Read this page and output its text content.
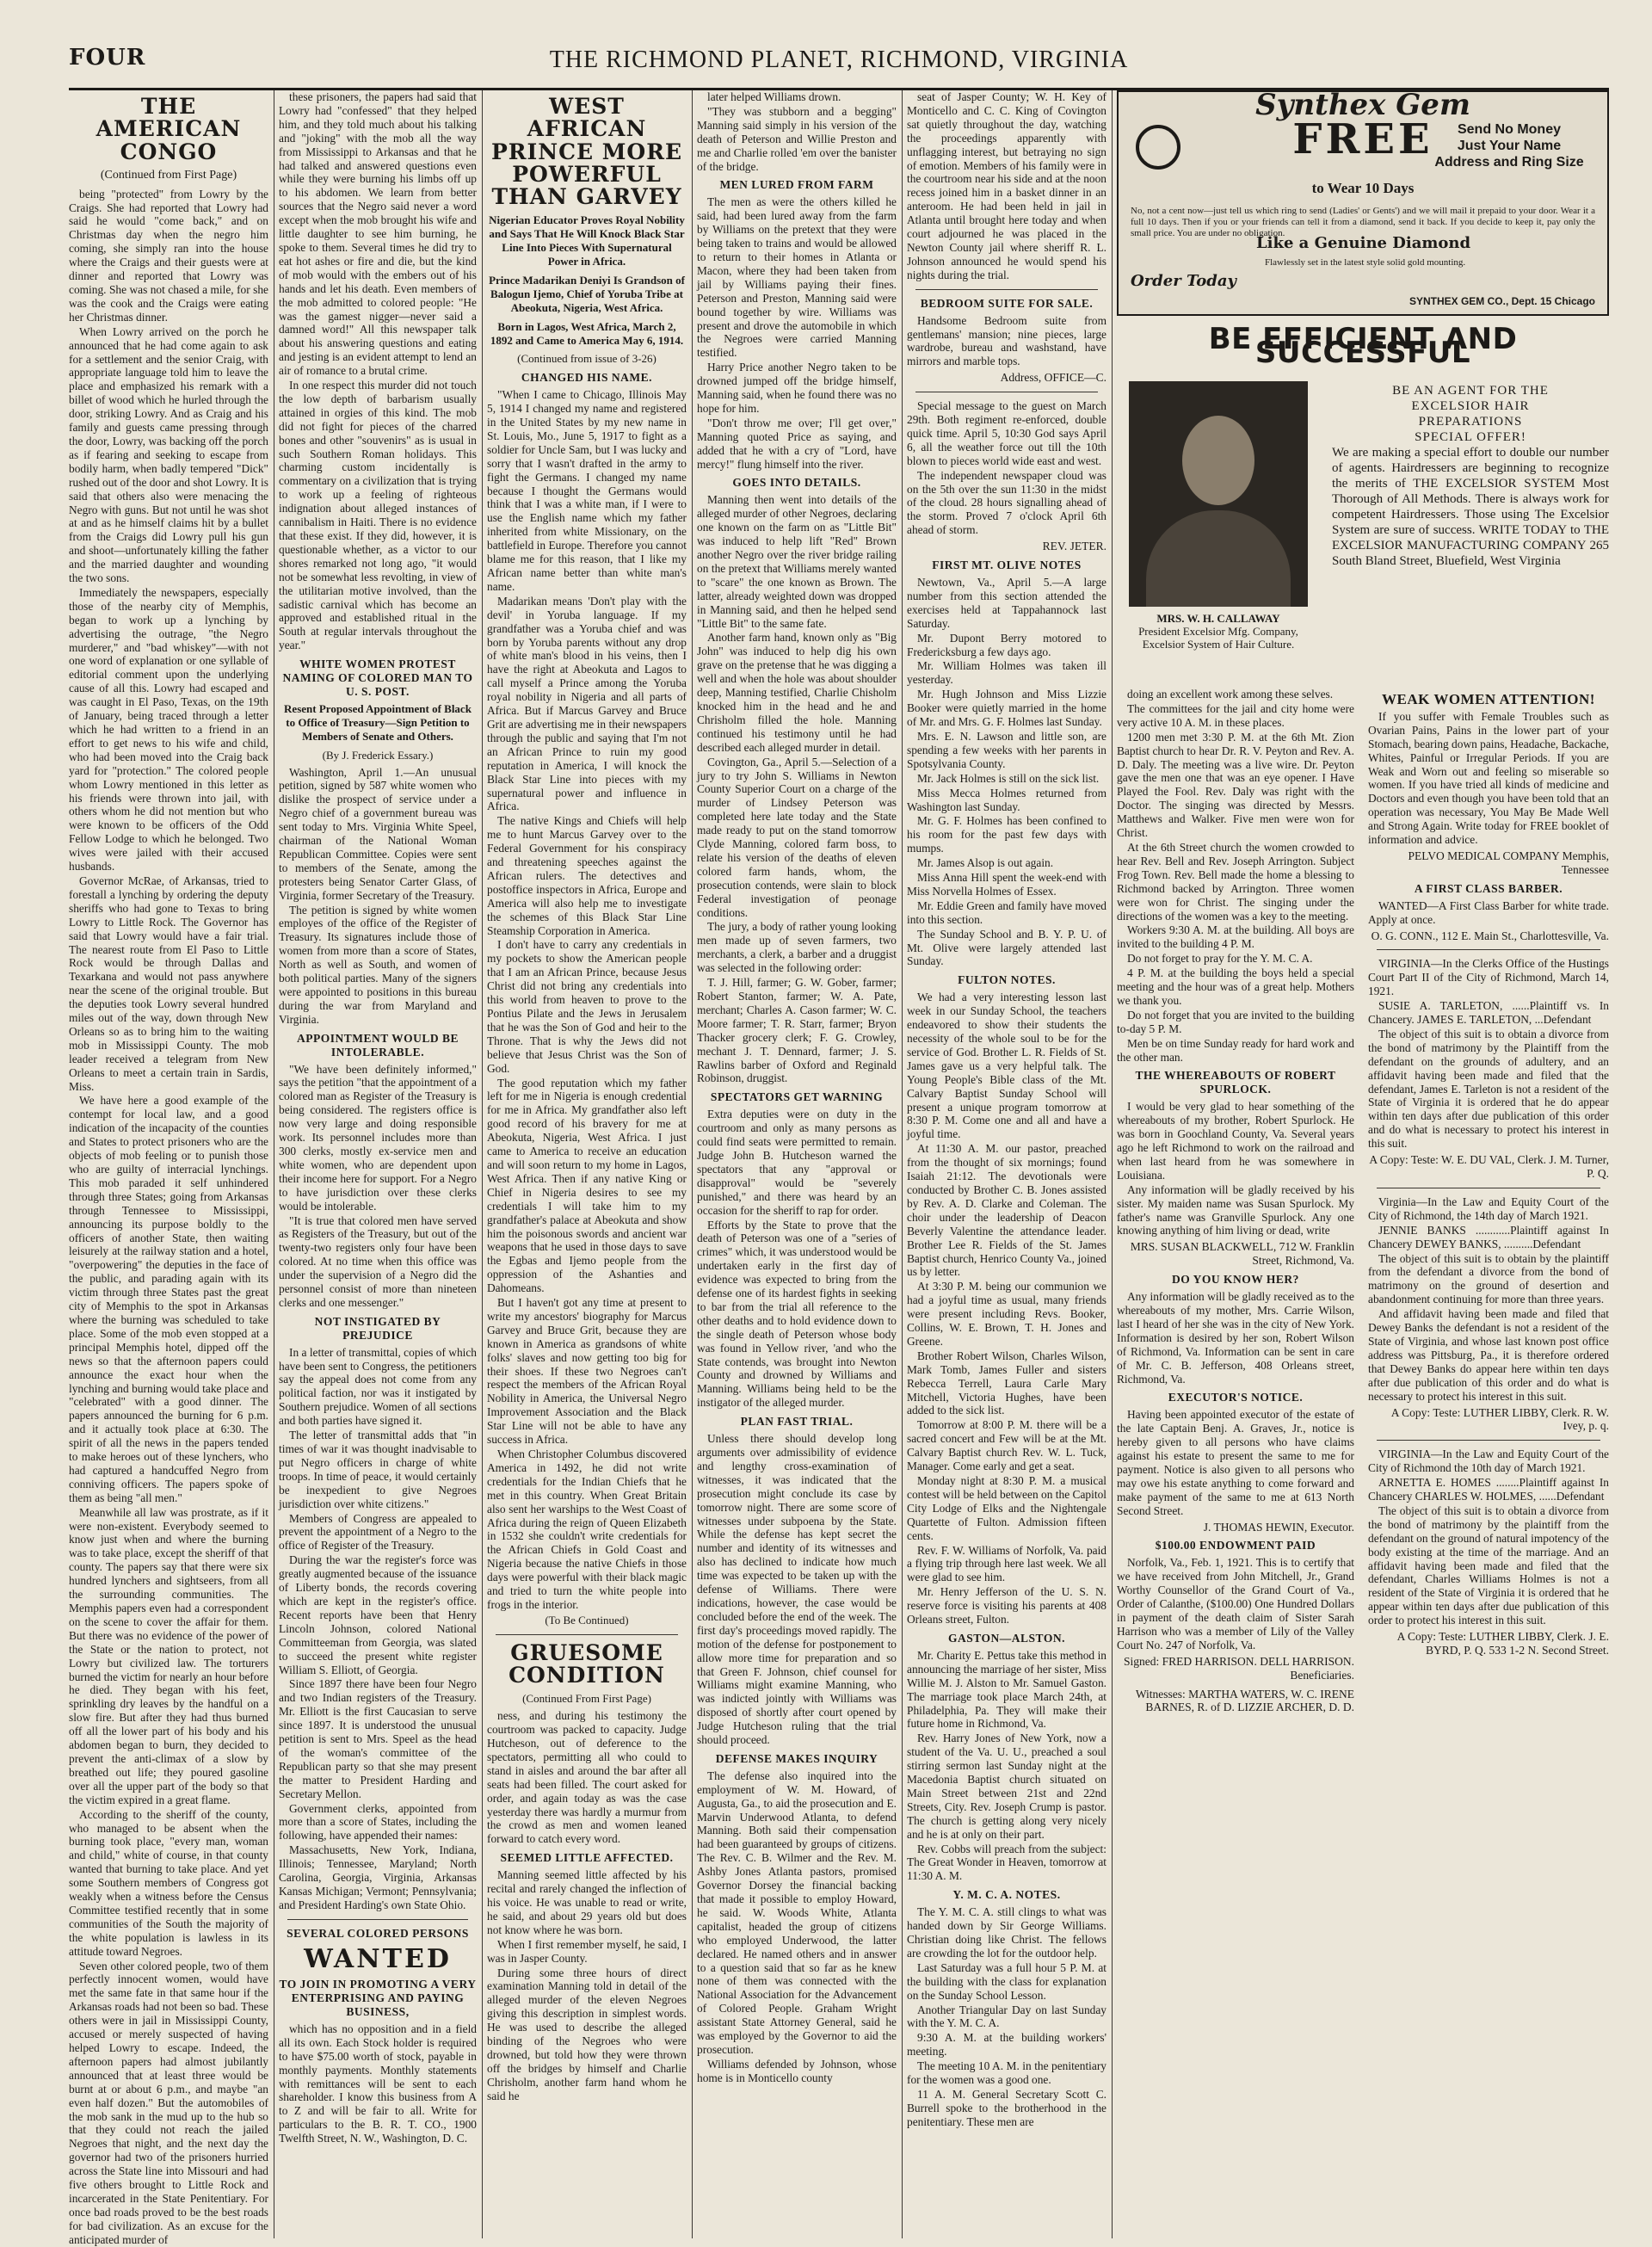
FOUR	THE RICHMOND PLANET, RICHMOND, VIRGINIA
THE AMERICAN CONGO
(Continued from First Page)

being "protected" from Lowry by the Craigs. She had reported that Lowry had said he would "come back," and on Christmas day when the negro him coming, she simply ran into the house where the Craigs and their guests were at dinner and reported that Lowry was coming. She was not chased a mile, for she was the cook and the Craigs were eating her Christmas dinner.

When Lowry arrived on the porch he announced that he had come again to ask for a settlement and the senior Craig, with appropriate language told him to leave the place and emphasized his remark with a billet of wood which he hurled through the door, striking Lowry. And as Craig and his family and guests came pressing through the door, Lowry, was backing off the porch as if fearing and seeking to escape from bodily harm, when badly tempered "Dick" rushed out of the door and shot Lowry. It is said that others also were menacing the Negro with guns. But not until he was shot at and as he himself claims hit by a bullet from the Craigs did Lowry pull his gun and shoot—unfortunately killing the father and the married daughter and wounding the two sons.

Immediately the newspapers, especially those of the nearby city of Memphis, began to work up a lynching by advertising the outrage, "the Negro murderer," and "bad whiskey"—with not one word of explanation or one syllable of editorial comment upon the underlying cause of all this. Lowry had escaped and was caught in El Paso, Texas, on the 19th of January, being traced through a letter which he had written to a friend in an effort to get news to his wife and child, who had been moved into the Craig back yard for "protection." The colored people whom Lowry mentioned in this letter as his friends were thrown into jail, with others whom he did not mention but who were known to be officers of the Odd Fellow Lodge to which he belonged. Two wives were jailed with their accused husbands.

Governor McRae, of Arkansas, tried to forestall a lynching by ordering the deputy sheriffs who had gone to Texas to bring Lowry to Little Rock. The Governor has said that Lowry would have a fair trial. The nearest route from El Paso to Little Rock would be through Dallas and Texarkana and would not pass anywhere near the scene of the original trouble. But the deputies took Lowry several hundred miles out of the way, down through New Orleans so as to bring him to the waiting mob in Mississippi County. The mob leader received a telegram from New Orleans to meet a certain train in Sardis, Miss.

We have here a good example of the contempt for local law, and a good indication of the incapacity of the counties and States to protect prisoners who are the objects of mob feeling or to punish those who are guilty of interracial lynchings. This mob paraded it self unhindered through three States; going from Arkansas through Tennessee to Mississippi, announcing its purpose boldly to the officers of another State, then waiting leisurely at the railway station and a hotel, "overpowering" the deputies in the face of the public, and parading again with its victim through three States past the great city of Memphis to the spot in Arkansas where the burning was scheduled to take place. Some of the mob even stopped at a principal Memphis hotel, dipped off the news so that the afternoon papers could announce the exact hour when the lynching and burning would take place and "celebrated" with a good dinner. The papers announced the burning for 6 p.m. and it actually took place at 6:30. The spirit of all the news in the papers tended to make heroes out of these lynchers, who had captured a handcuffed Negro from conniving officers. The papers spoke of them as being "all men."

Meanwhile all law was prostrate, as if it were non-existent. Everybody seemed to know just when and where the burning was to take place, except the sheriff of that county. The papers say that there were six hundred lynchers and sightseers, from all the surrounding communities. The Memphis papers even had a correspondent on the scene to cover the affair for them. But there was no evidence of the power of the State or the nation to protect, not Lowry but civilized law. The torturers burned the victim for nearly an hour before he died. They began with his feet, sprinkling dry leaves by the handful on a slow fire. But after they had thus burned off all the lower part of his body and his abdomen began to burn, they decided to prevent the anti-climax of a slow by breathed out life; they poured gasoline over all the upper part of the body so that the victim expired in a great flame.

According to the sheriff of the county, who managed to be absent when the burning took place, "every man, woman and child," white of course, in that county wanted that burning to take place. And yet some Southern members of Congress got weakly when a witness before the Census Committee testified recently that in some communities of the South the majority of the white population is lawless in its attitude toward Negroes.

Seven other colored people, two of them perfectly innocent women, would have met the same fate in that same hour if the Arkansas roads had not been so bad. These others were in jail in Mississippi County, accused or merely suspected of having helped Lowry to escape. Indeed, the afternoon papers had almost jubilantly announced that at least three would be burnt at or about 6 p.m., and maybe "an even half dozen." But the automobiles of the mob sank in the mud up to the hub so that they could not reach the jailed Negroes that night, and the next day the governor had two of the prisoners hurried across the State line into Missouri and had five others brought to Little Rock and incarcerated in the State Penitentiary. For once bad roads proved to be the best roads for bad civilization. As an excuse for the anticipated murder of

these prisoners, the papers had said that Lowry had "confessed" that they helped him, and they told much about his talking and "joking" with the mob all the way from Mississippi to Arkansas and that he had talked and answered questions even while they were burning his limbs off up to his abdomen. We learn from better sources that the Negro said never a word except when the mob brought his wife and little daughter to see him burning, he spoke to them. Several times he did try to eat hot ashes or fire and die, but the kind of mob would with the embers out of his hands and let his death. Even members of the mob admitted to colored people: "He was the gamest nigger—never said a damned word!" All this newspaper talk about his answering questions and eating and jesting is an evident attempt to lend an air of romance to a brutal crime.

In one respect this murder did not touch the low depth of barbarism usually attained in orgies of this kind. The mob did not fight for pieces of the charred bones and other "souvenirs" as is usual in such Southern Roman holidays. This charming custom incidentally is commentary on a civilization that is trying to work up a feeling of righteous indignation about alleged instances of cannibalism in Haiti. There is no evidence that these exist. If they did, however, it is questionable whether, as a victor to our shores remarked not long ago, "it would not be somewhat less revolting, in view of the utilitarian motive involved, than the sadistic carnival which has become an approved and established ritual in the South at regular intervals throughout the year."

WHITE WOMEN PROTEST NAMING OF COLORED MAN TO U. S. POST.
Resent Proposed Appointment of Black to Office of Treasury—Sign Petition to Members of Senate and Others.
(By J. Frederick Essary.)

Washington, April 1.—An unusual petition, signed by 587 white women who dislike the prospect of service under a Negro chief of a government bureau was sent today to Mrs. Virginia White Speel, chairman of the National Woman Republican Committee. Copies were sent to members of the Senate, among the protesters being Senator Carter Glass, of Virginia, former Secretary of the Treasury.

The petition is signed by white women employes of the office of the Register of Treasury. Its signatures include those of women from more than a score of States, North as well as South, and women of both political parties. Many of the signers were appointed to positions in this bureau during the war from Maryland and Virginia.

APPOINTMENT WOULD BE INTOLERABLE.

"We have been definitely informed," says the petition "that the appointment of a colored man as Register of the Treasury is being considered. The registers office is now very large and doing responsible work. Its personnel includes more than 300 clerks, mostly ex-service men and white women, who are dependent upon their income here for support. For a Negro to have jurisdiction over these clerks would be intolerable.

"It is true that colored men have served as Registers of the Treasury, but out of the twenty-two registers only four have been colored. At no time when this office was under the supervision of a Negro did the personnel consist of more than nineteen clerks and one messenger."

NOT INSTIGATED BY PREJUDICE

In a letter of transmittal, copies of which have been sent to Congress, the petitioners say the appeal does not come from any political faction, nor was it instigated by Southern prejudice. Women of all sections and both parties have signed it.

The letter of transmittal adds that "in times of war it was thought inadvisable to put Negro officers in charge of white troops. In time of peace, it would certainly be inexpedient to give Negroes jurisdiction over white citizens."

Members of Congress are appealed to prevent the appointment of a Negro to the office of Register of the Treasury.

During the war the register's force was greatly augmented because of the issuance of Liberty bonds, the records covering which are kept in the register's office. Recent reports have been that Henry Lincoln Johnson, colored National Committeeman from Georgia, was slated to succeed the present white register William S. Elliott, of Georgia.

Since 1897 there have been four Negro and two Indian registers of the Treasury. Mr. Elliott is the first Caucasian to serve since 1897. It is understood the unusual petition is sent to Mrs. Speel as the head of the woman's committee of the Republican party so that she may present the matter to President Harding and Secretary Mellon.

Government clerks, appointed from more than a score of States, including the following, have appended their names:

Massachusetts, New York, Indiana, Illinois; Tennessee, Maryland; North Carolina, Georgia, Virginia, Arkansas Kansas Michigan; Vermont; Pennsylvania; and President Harding's own State Ohio.

SEVERAL COLORED PERSONS
WANTED
TO JOIN IN PROMOTING A VERY ENTERPRISING AND PAYING BUSINESS,

which has no opposition and in a field all its own. Each Stock holder is required to have $75.00 worth of stock, payable in monthly payments. Monthly statements with remittances will be sent to each shareholder. I know this business from A to Z and will be fair to all. Write for particulars to the B. R. T. CO., 1900 Twelfth Street, N. W., Washington, D. C.

WEST AFRICAN PRINCE MORE POWERFUL THAN GARVEY
Nigerian Educator Proves Royal Nobility and Says That He Will Knock Black Star Line Into Pieces With Supernatural Power in Africa.
Prince Madarikan Deniyi Is Grandson of Balogun Ijemo, Chief of Yoruba Tribe at Abeokuta, Nigeria, West Africa.
Born in Lagos, West Africa, March 2, 1892 and Came to America May 6, 1914.
(Continued from issue of 3-26)
CHANGED HIS NAME.

"When I came to Chicago, Illinois May 5, 1914 I changed my name and registered in the United States by my new name in St. Louis, Mo., June 5, 1917 to fight as a soldier for Uncle Sam, but I was lucky and sorry that I wasn't drafted in the army to fight the Germans. I changed my name because I thought the Germans would think that I was a white man, if I were to use the English name which my father inherited from white Missionary, on the battlefield in Europe. Therefore you cannot blame me for this reason, that I like my African name better than white man's name.

Madarikan means 'Don't play with the devil' in Yoruba language. If my grandfather was a Yoruba chief and was born by Yoruba parents without any drop of white man's blood in his veins, then I have the right at Abeokuta and Lagos to call myself a Prince among the Yoruba royal nobility in Nigeria and all parts of Africa. But if Marcus Garvey and Bruce Grit are advertising me in their newspapers through the public and saying that I'm not an African Prince to ruin my good reputation in America, I will knock the Black Star Line into pieces with my supernatural power and influence in Africa.

The native Kings and Chiefs will help me to hunt Marcus Garvey over to the Federal Government for his conspiracy and threatening speeches against the African rulers. The detectives and postoffice inspectors in Africa, Europe and America will also help me to investigate the schemes of this Black Star Line Steamship Corporation in America.

I don't have to carry any credentials in my pockets to show the American people that I am an African Prince, because Jesus Christ did not bring any credentials into this world from heaven to prove to the Pontius Pilate and the Jews in Jerusalem that he was the Son of God and heir to the Throne. That is why the Jews did not believe that Jesus Christ was the Son of God.

The good reputation which my father left for me in Nigeria is enough credential for me in Africa. My grandfather also left good record of his bravery for me at Abeokuta, Nigeria, West Africa. I just came to America to receive an education and will soon return to my home in Lagos, West Africa. Then if any native King or Chief in Nigeria desires to see my credentials I will take him to my grandfather's palace at Abeokuta and show him the poisonous swords and ancient war weapons that he used in those days to save the Egbas and Ijemo people from the oppression of the Ashanties and Dahomeans.

But I haven't got any time at present to write my ancestors' biography for Marcus Garvey and Bruce Grit, because they are known in America as grandsons of white folks' slaves and now getting too big for their shoes. If these two Negroes can't respect the members of the African Royal Nobility in America, the Universal Negro Improvement Association and the Black Star Line will not be able to have any success in Africa.

When Christopher Columbus discovered America in 1492, he did not write credentials for the Indian Chiefs that he met in this country. When Great Britain also sent her warships to the West Coast of Africa during the reign of Queen Elizabeth in 1532 she couldn't write credentials for the African Chiefs in Gold Coast and Nigeria because the native Chiefs in those days were powerful with their black magic and tried to turn the white people into frogs in the interior.

(To Be Continued)
GRUESOME CONDITION
(Continued From First Page)

ness, and during his testimony the courtroom was packed to capacity. Judge Hutcheson, out of deference to the spectators, permitting all who could to stand in aisles and around the bar after all seats had been filled. The court asked for order, and again today as was the case yesterday there was hardly a murmur from the crowd as men and women leaned forward to catch every word.

SEEMED LITTLE AFFECTED.

Manning seemed little affected by his recital and rarely changed the inflection of his voice. He was unable to read or write, he said, and about 29 years old but does not know where he was born.

When I first remember myself, he said, I was in Jasper County.

During some three hours of direct examination Manning told in detail of the alleged murder of the eleven Negroes giving this description in simplest words. He was used to describe the alleged binding of the Negroes who were drowned, but told how they were thrown off the bridges by himself and Charlie Chrisholm, another farm hand whom he said he

later helped Williams drown.

"They was stubborn and a begging" Manning said simply in his version of the death of Peterson and Willie Preston and me and Charlie rolled 'em over the banister of the bridge.

MEN LURED FROM FARM

The men as were the others killed he said, had been lured away from the farm by Williams on the pretext that they were being taken to trains and would be allowed to return to their homes in Atlanta or Macon, where they had been taken from jail by Williams paying their fines. Peterson and Preston, Manning said were bound together by wire. Williams was present and drove the automobile in which the Negroes were carried Manning testified.

Harry Price another Negro taken to be drowned jumped off the bridge himself, Manning said, when he found there was no hope for him.

"Don't throw me over; I'll get over," Manning quoted Price as saying, and added that he with a cry of "Lord, have mercy!" flung himself into the river.

GOES INTO DETAILS.

Manning then went into details of the alleged murder of other Negroes, declaring one known on the farm on as "Little Bit" was induced to help lift "Red" Brown another Negro over the river bridge railing on the pretext that Williams merely wanted to "scare" the one known as Brown. The latter, already weighted down was dropped in Manning said, and then he helped send "Little Bit" to the same fate.

Another farm hand, known only as "Big John" was induced to help dig his own grave on the pretense that he was digging a well and when the hole was about shoulder deep, Manning testified, Charlie Chisholm knocked him in the head and he and Chrisholm filled the hole. Manning continued his testimony until he had described each alleged murder in detail.

Covington, Ga., April 5.—Selection of a jury to try John S. Williams in Newton County Superior Court on a charge of the murder of Lindsey Peterson was completed here late today and the State made ready to put on the stand tomorrow Clyde Manning, colored farm boss, to relate his version of the deaths of eleven colored farm hands, whom, the prosecution contends, were slain to block Federal investigation of peonage conditions.

The jury, a body of rather young looking men made up of seven farmers, two merchants, a clerk, a barber and a druggist was selected in the following order:

T. J. Hill, farmer; G. W. Gober, farmer; Robert Stanton, farmer; W. A. Pate, merchant; Charles A. Cason farmer; W. C. Moore farmer; T. R. Starr, farmer; Bryon Thacker grocery clerk; F. G. Crowley, mechant J. T. Dennard, farmer; J. S. Rawlins barber of Oxford and Reginald Robinson, druggist.

SPECTATORS GET WARNING

Extra deputies were on duty in the courtroom and only as many persons as could find seats were permitted to remain. Judge John B. Hutcheson warned the spectators that any "approval or disapproval" would be "severely punished," and there was heard by an occasion for the sheriff to rap for order.

Efforts by the State to prove that the death of Peterson was one of a "series of crimes" which, it was understood would be undertaken early in the first day of evidence was expected to bring from the defense one of its hardest fights in seeking to bar from the trial all reference to the other deaths and to hold evidence down to the single death of Peterson whose body was found in Yellow river, 'and who the State contends, was brought into Newton County and drowned by Williams and Manning. Williams being held to be the instigator of the alleged murder.

PLAN FAST TRIAL.

Unless there should develop long arguments over admissibility of evidence and lengthy cross-examination of witnesses, it was indicated that the prosecution might conclude its case by tomorrow night. There are some score of witnesses under subpoena by the State. While the defense has kept secret the number and identity of its witnesses and also has declined to indicate how much time was expected to be taken up with the defense of Williams. There were indications, however, the case would be concluded before the end of the week. The first day's proceedings moved rapidly. The motion of the defense for postponement to allow more time for preparation and so that Green F. Johnson, chief counsel for Williams might examine Manning, who was indicted jointly with Williams was disposed of shortly after court opened by Judge Hutcheson ruling that the trial should proceed.

DEFENSE MAKES INQUIRY

The defense also inquired into the employment of W. M. Howard, of Augusta, Ga., to aid the prosecution and E. Marvin Underwood Atlanta, to defend Manning. Both said their compensation had been guaranteed by groups of citizens. The Rev. C. B. Wilmer and the Rev. M. Ashby Jones Atlanta pastors, promised Governor Dorsey the financial backing that made it possible to employ Howard, he said. W. Woods White, Atlanta capitalist, headed the group of citizens who employed Underwood, the latter declared. He named others and in answer to a question said that so far as he knew none of them was connected with the National Association for the Advancement of Colored People. Graham Wright assistant State Attorney General, said he was employed by the Governor to aid the prosecution.

Williams defended by Johnson, whose home is in Monticello county

seat of Jasper County; W. H. Key of Monticello and C. C. King of Covington sat quietly throughout the day, watching the proceedings apparently with unflagging interest, but betraying no sign of emotion. Members of his family were in the courtroom near his side and at the noon recess joined him in a basket dinner in an anteroom. He had been held in jail in Atlanta until brought here today and when court adjourned he was placed in the Newton County jail where sheriff R. L. Johnson announced he would spend his nights during the trial.

BEDROOM SUITE FOR SALE.

Handsome Bedroom suite from gentlemans' mansion; nine pieces, large wardrobe, bureau and washstand, have mirrors and marble tops.

Address, OFFICE—C.

Special message to the guest on March 29th. Both regiment re-enforced, double quick time. April 5, 10:30 God says April 6, all the weather force out till the 10th blown to pieces world wide east and west.

The independent newspaper cloud was on the 5th over the sun 11:30 in the midst of the cloud. 28 hours signalling ahead of the storm. Proved 7 o'clock April 6th ahead of storm.

REV. JETER.
FIRST MT. OLIVE NOTES

Newtown, Va., April 5.—A large number from this section attended the exercises held at Tappahannock last Saturday.

Mr. Dupont Berry motored to Fredericksburg a few days ago.

Mr. William Holmes was taken ill yesterday.

Mr. Hugh Johnson and Miss Lizzie Booker were quietly married in the home of Mr. and Mrs. G. F. Holmes last Sunday.

Mrs. E. N. Lawson and little son, are spending a few weeks with her parents in Spotsylvania County.

Mr. Jack Holmes is still on the sick list.

Miss Mecca Holmes returned from Washington last Sunday.

Mr. G. F. Holmes has been confined to his room for the past few days with mumps.

Mr. James Alsop is out again.

Miss Anna Hill spent the week-end with Miss Norvella Holmes of Essex.

Mr. Eddie Green and family have moved into this section.

The Sunday School and B. Y. P. U. of Mt. Olive were largely attended last Sunday.

FULTON NOTES.

We had a very interesting lesson last week in our Sunday School, the teachers endeavored to show their students the necessity of the whole soul to be for the service of God. Brother L. R. Fields of St. James gave us a very helpful talk. The Young People's Bible class of the Mt. Calvary Baptist Sunday School will present a unique program tomorrow at 8:30 P. M. Come one and all and have a joyful time.

At 11:30 A. M. our pastor, preached from the thought of six mornings; found Isaiah 21:12. The devotionals were conducted by Brother C. B. Jones assisted by Rev. A. D. Clarke and Coleman. The choir under the leadership of Deacon Beverly Valentine the attendance leader. Brother Lee R. Fields of the St. James Baptist church, Henrico County Va., joined us by letter.

At 3:30 P. M. being our communion we had a joyful time as usual, many friends were present including Revs. Booker, Collins, W. E. Brown, T. H. Jones and Greene.

Brother Robert Wilson, Charles Wilson, Mark Tomb, James Fuller and sisters Rebecca Terrell, Laura Carle Mary Mitchell, Victoria Hughes, have been added to the sick list.

Tomorrow at 8:00 P. M. there will be a sacred concert and Few will be at the Mt. Calvary Baptist church Rev. W. L. Tuck, Manager. Come early and get a seat.

Monday night at 8:30 P. M. a musical contest will be held between on the Capitol City Lodge of Elks and the Nightengale Quartette of Fulton. Admission fifteen cents.

Rev. F. W. Williams of Norfolk, Va. paid a flying trip through here last week. We all were glad to see him.

Mr. Henry Jefferson of the U. S. N. reserve force is visiting his parents at 408 Orleans street, Fulton.

GASTON—ALSTON.

Mr. Charity E. Pettus take this method in announcing the marriage of her sister, Miss Willie M. J. Alston to Mr. Samuel Gaston. The marriage took place March 24th, at Philadelphia, Pa. They will make their future home in Richmond, Va.

Rev. Harry Jones of New York, now a student of the Va. U. U., preached a soul stirring sermon last Sunday night at the Macedonia Baptist church situated on Main Street between 21st and 22nd Streets, City. Rev. Joseph Crump is pastor. The church is getting along very nicely and he is at only on their part.

Rev. Cobbs will preach from the subject: The Great Wonder in Heaven, tomorrow at 11:30 A. M.

Y. M. C. A. NOTES.

The Y. M. C. A. still clings to what was handed down by Sir George Williams. Christian doing like Christ. The fellows are crowding the lot for the outdoor help.

Last Saturday was a full hour 5 P. M. at the building with the class for explanation on the Sunday School Lesson.

Another Triangular Day on last Sunday with the Y. M. C. A.

9:30 A. M. at the building workers' meeting.

The meeting 10 A. M. in the penitentiary for the women was a good one.

11 A. M. General Secretary Scott C. Burrell spoke to the brotherhood in the penitentiary. These men are

Synthex Gem
FREE
to Wear 10 Days
Send No Money
Just Your Name
Address and Ring Size
No, not a cent now—just tell us which ring to send (Ladies' or Gents') and we will mail it prepaid to your door. Wear it a full 10 days. Then if you or your friends can tell it from a diamond, send it back. If you decide to keep it, pay only the small price. You are under no obligation.
Like a Genuine Diamond
Flawlessly set in the latest style solid gold mounting.
Order Today
SYNTHEX GEM CO., Dept. 15 Chicago
BE EFFICIENT AND SUCCESSFUL
MRS. W. H. CALLAWAY
President Excelsior Mfg. Company, Excelsior System of Hair Culture.
BE AN AGENT FOR THE
EXCELSIOR HAIR
PREPARATIONS
SPECIAL OFFER!
We are making a special effort to double our number of agents. Hairdressers are beginning to recognize the merits of THE EXCELSIOR SYSTEM Most Thorough of All Methods. There is always work for competent Hairdressers. Those using The Excelsior System are sure of success. WRITE TODAY to THE EXCELSIOR MANUFACTURING COMPANY 265 South Bland Street, Bluefield, West Virginia

doing an excellent work among these selves.

The committees for the jail and city home were very active 10 A. M. in these places.

1200 men met 3:30 P. M. at the 6th Mt. Zion Baptist church to hear Dr. R. V. Peyton and Rev. A. D. Daly. The meeting was a live wire. Dr. Peyton gave the men one that was an eye opener. I Have Played the Fool. Rev. Daly was right with the Doctor. The singing was directed by Messrs. Matthews and Walker. Five men were won for Christ.

At the 6th Street church the women crowded to hear Rev. Bell and Rev. Joseph Arrington. Subject Frog Town. Rev. Bell made the home a blessing to Richmond backed by Arrington. Three women were won for Christ. The singing under the directions of the women was a key to the meeting.

Workers 9:30 A. M. at the building. All boys are invited to the building 4 P. M.

Do not forget to pray for the Y. M. C. A.

4 P. M. at the building the boys held a special meeting and the hour was of a great help. Mothers we thank you.

Do not forget that you are invited to the building to-day 5 P. M.

Men be on time Sunday ready for hard work and the other man.

THE WHEREABOUTS OF ROBERT SPURLOCK.

I would be very glad to hear something of the whereabouts of my brother, Robert Spurlock. He was born in Goochland County, Va. Several years ago he left Richmond to work on the railroad and when last heard from he was somewhere in Louisiana.

Any information will be gladly received by his sister. My maiden name was Susan Spurlock. My father's name was Granville Spurlock. Any one knowing anything of him living or dead, write

MRS. SUSAN BLACKWELL, 712 W. Franklin Street, Richmond, Va.
DO YOU KNOW HER?

Any information will be gladly received as to the whereabouts of my mother, Mrs. Carrie Wilson, last I heard of her she was in the city of New York. Information is desired by her son, Robert Wilson of Richmond, Va. Information can be sent in care of Mr. C. B. Jefferson, 408 Orleans street, Richmond, Va.

EXECUTOR'S NOTICE.

Having been appointed executor of the estate of the late Captain Benj. A. Graves, Jr., notice is hereby given to all persons who have claims against his estate to present the same to me for payment. Notice is also given to all persons who may owe his estate anything to come forward and make payment of the same to me at 613 North Second Street.

J. THOMAS HEWIN, Executor.
$100.00 ENDOWMENT PAID

Norfolk, Va., Feb. 1, 1921. This is to certify that we have received from John Mitchell, Jr., Grand Worthy Counsellor of the Grand Court of Va., Order of Calanthe, ($100.00) One Hundred Dollars in payment of the death claim of Sister Sarah Harrison who was a member of Lily of the Valley Court No. 247 of Norfolk, Va.

Signed: FRED HARRISON. DELL HARRISON. Beneficiaries.
Witnesses: MARTHA WATERS, W. C. IRENE BARNES, R. of D. LIZZIE ARCHER, D. D.
WEAK WOMEN ATTENTION!

If you suffer with Female Troubles such as Ovarian Pains, Pains in the lower part of your Stomach, bearing down pains, Headache, Backache, Whites, Painful or Irregular Periods. If you are Weak and Worn out and feeling so miserable so women. If you have tried all kinds of medicine and Doctors and even though you have been told that an operation was necessary, You May Be Made Well and Strong Again. Write today for FREE booklet of information and advice.

PELVO MEDICAL COMPANY Memphis, Tennessee
A FIRST CLASS BARBER.

WANTED—A First Class Barber for white trade. Apply at once.

O. G. CONN., 112 E. Main St., Charlottesville, Va.

VIRGINIA—In the Clerks Office of the Hustings Court Part II of the City of Richmond, March 14, 1921.

SUSIE A. TARLETON, ......Plaintiff vs. In Chancery. JAMES E. TARLETON, ...Defendant

The object of this suit is to obtain a divorce from the bond of matrimony by the Plaintiff from the defendant on the grounds of adultery, and an affidavit having been made and filed that the defendant, James E. Tarleton is not a resident of the State of Virginia it is ordered that he do appear within ten days after due publication of this order and do what is necessary to protect his interest in this suit.

A Copy: Teste: W. E. DU VAL, Clerk. J. M. Turner, P. Q.

Virginia—In the Law and Equity Court of the City of Richmond, the 14th day of March 1921.

JENNIE BANKS ............Plaintiff against In Chancery DEWEY BANKS, ..........Defendant

The object of this suit is to obtain by the plaintiff from the defendant a divorce from the bond of matrimony on the ground of desertion and abandonment continuing for more than three years.

And affidavit having been made and filed that Dewey Banks the defendant is not a resident of the State of Virginia, and whose last known post office address was Pittsburg, Pa., it is therefore ordered that Dewey Banks do appear here within ten days after due publication of this order and do what is necessary to protect his interest in this suit.

A Copy: Teste: LUTHER LIBBY, Clerk. R. W. Ivey, p. q.

VIRGINIA—In the Law and Equity Court of the City of Richmond the 10th day of March 1921.

ARNETTA E. HOMES ........Plaintiff against In Chancery CHARLES W. HOLMES, ......Defendant

The object of this suit is to obtain a divorce from the bond of matrimony by the plaintiff from the defendant on the ground of natural impotency of the body existing at the time of the marriage. And an affidavit having been made and filed that the defendant, Charles Williams Holmes is not a resident of the State of Virginia it is ordered that he appear within ten days after due publication of this order to protect his interest in this suit.

A Copy: Teste: LUTHER LIBBY, Clerk. J. E. BYRD, P. Q. 533 1-2 N. Second Street.
